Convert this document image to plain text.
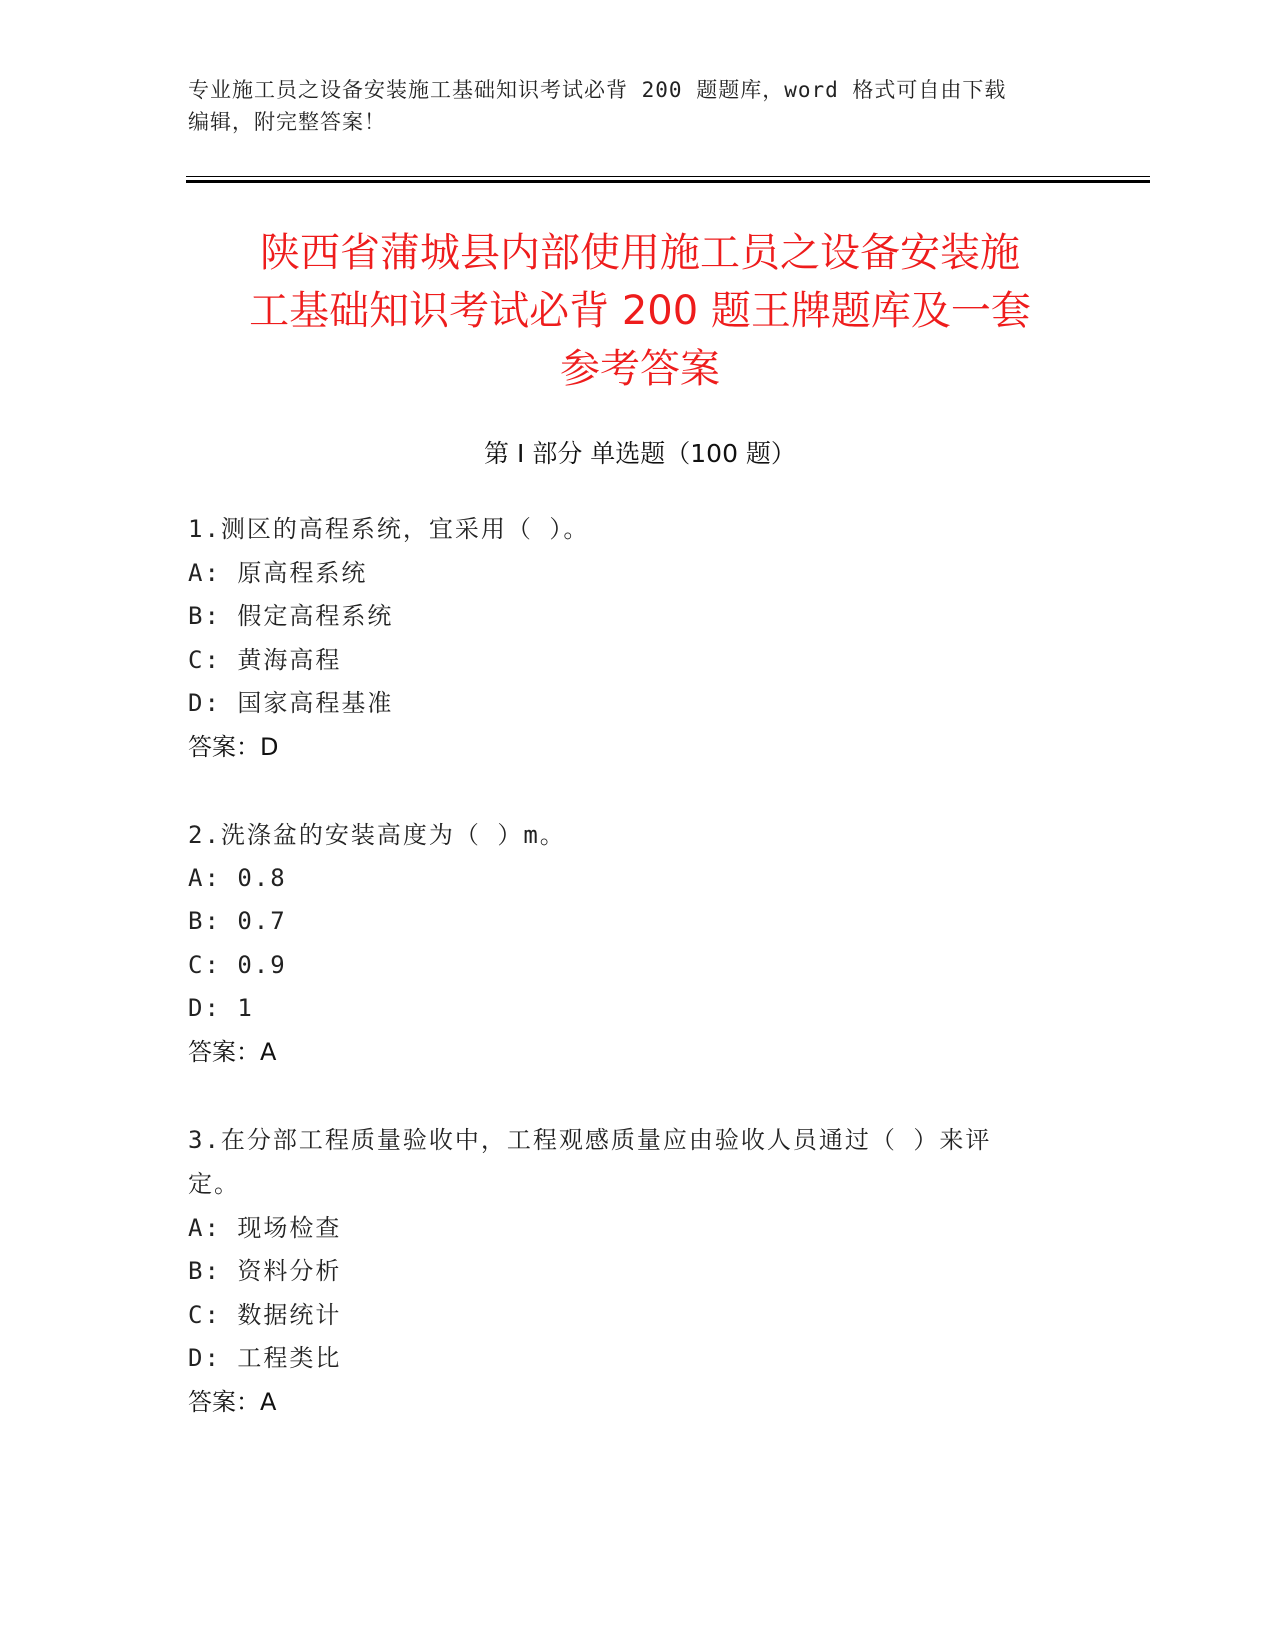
专业施工员之设备安装施工基础知识考试必背 200 题题库，word 格式可自由下载
编辑，附完整答案！
陕西省蒲城县内部使用施工员之设备安装施
工基础知识考试必背 200 题王牌题库及一套
参考答案
第 I 部分 单选题（100 题）
1.测区的高程系统，宜采用（ ）。
A: 原高程系统
B: 假定高程系统
C: 黄海高程
D: 国家高程基准
答案：D
2.洗涤盆的安装高度为（ ）m。
A: 0.8
B: 0.7
C: 0.9
D: 1
答案：A
3.在分部工程质量验收中，工程观感质量应由验收人员通过（ ）来评
定。
A: 现场检查
B: 资料分析
C: 数据统计
D: 工程类比
答案：A
